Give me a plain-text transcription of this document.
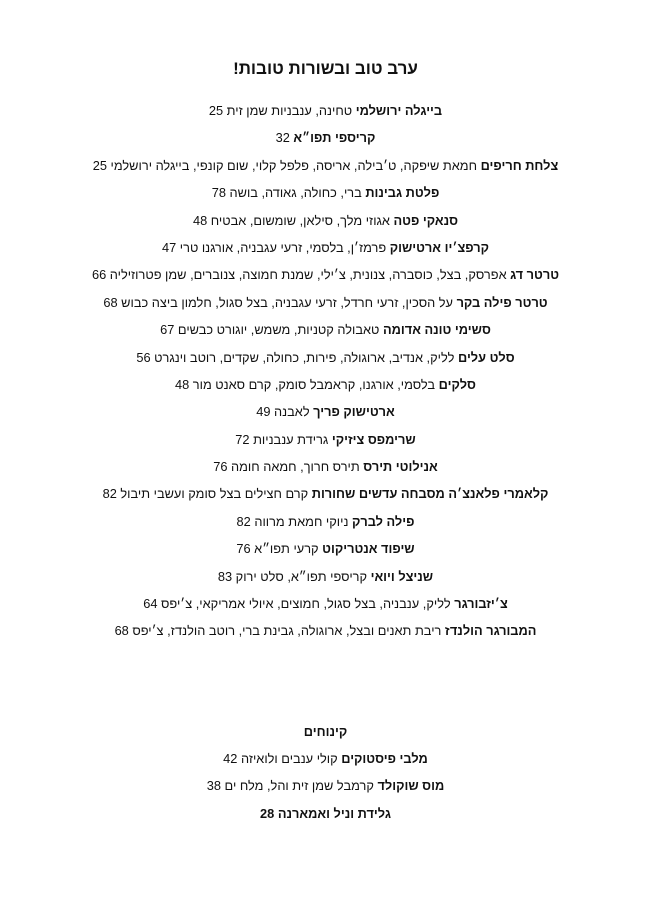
ערב טוב ובשורות טובות!
בייגלה ירושלמי טחינה, ענבניות שמן זית 25
קריספי תפו״א 32
צלחת חריפים חמאת שיפקה, ט׳בילה, אריסה, פלפל קלוי, שום קונפי, בייגלה ירושלמי 25
פלטת גבינות ברי, כחולה, גאודה, בושה 78
סנאקי פטה אגוזי מלך, סילאן, שומשום, אבטיח 48
קרפצ׳יו ארטישוק פרמז׳ן, בלסמי, זרעי עגבניה, אורגנו טרי 47
טרטר דג אפרסק, בצל, כוסברה, צנונית, צ׳ילי, שמנת חמוצה, צנוברים, שמן פטרוזיליה 66
טרטר פילה בקר על הסכין, זרעי חרדל, זרעי עגבניה, בצל סגול, חלמון ביצה כבוש 68
סשימי טונה אדומה טאבולה קטניות, משמש, יוגורט כבשים 67
סלט עלים לליק, אנדיב, ארוגולה, פירות, כחולה, שקדים, רוטב וינגרט 56
סלקים בלסמי, אורגנו, קראמבל סומק, קרם סאנט מור 48
ארטישוק פריך לאבנה 49
שרימפס ציזיקי גרידת ענבניות 72
אנילוטי תירס תירס חרוך, חמאה חומה 76
קלאמרי פלאנצ׳ה מסבחה עדשים שחורות קרם חצילים בצל סומק ועשבי תיבול 82
פילה לברק ניוקי חמאת מרווה 82
שיפוד אנטריקוט קרעי תפו״א 76
שניצל ויואי קריספי תפו״א, סלט ירוק 83
צ׳יזבורגר לליק, ענבניה, בצל סגול, חמוצים, איולי אמריקאי, צ׳יפס 64
המבורגר הולנדז ריבת תאנים ובצל, ארוגולה, גבינת ברי, רוטב הולנדז, צ׳יפס 68
קינוחים
מלבי פיסטוקים קולי ענבים ולואיזה 42
מוס שוקולד קרמבל שמן זית והל, מלח ים 38
גלידת וניל ואמארנה 28
